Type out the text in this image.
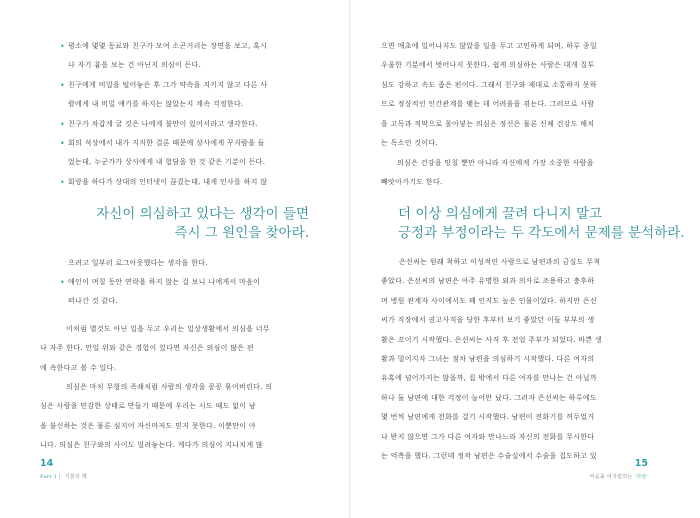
• 평소에 몇몇 동료와 친구가 모여 소곤거리는 장면을 보고, 혹시
나 자기 흉을 보는 건 아닌지 의심이 든다.
• 친구에게 비밀을 털어놓은 후 그가 약속을 지키지 않고 다른 사
람에게 내 비밀 얘기를 하지는 않았는지 계속 걱정한다.
• 친구가 차갑게 굴 것은 나에게 불만이 있어서라고 생각한다.
• 회의 석상에서 내가 지지한 결론 때문에 상사에게 꾸지람을 들
었는데, 누군가가 상사에게 내 험담을 한 것 같은 기분이 든다.
• 회랑을 하다가 상대의 인터넷이 끊겼는데, 내게 인사를 하지 않
자신이 의심하고 있다는 생각이 들면
즉시 그 원인을 찾아라.

으려고 일부러 로그아웃했다는 생각을 한다.

• 애인이 며칠 동안 연락을 하지 않는 걸 보니 나에게서 마음이
떠나간 것 같다.

이처럼 별것도 아닌 일을 두고 우리는 일상생활에서 의심을 너무
나 자주 한다. 만일 위와 같은 경험이 있다면 자신은 의심이 많은 편
에 속한다고 볼 수 있다.

의심은 마치 무형의 족쇄처럼 사람의 생각을 꽁꽁 묶어버린다. 의
심은 사람을 민감한 상태로 만들기 때문에 우리는 시도 때도 없이 남
을 불신하는 것은 물론 심지어 자신마저도 믿지 못한다. 이뿐만이 아
니다. 의심은 친구와의 사이도 멀려놓는다. 게다가 의심이 지나치게 많

14
Part 1 |  기분의 벽

으면 애초에 일어나지도 않았을 일을 두고 고민하게 되며, 하루 종일
우울한 기분에서 벗어나지 못한다. 쉽게 의심하는 사람은 대개 질투
심도 강하고 속도 좁은 편이다. 그래서 친구와 제대로 소통하지 못하
므로 정상적인 인간관계를 맺는 데 어려움을 겪는다. 그러므로 사람
을 고독과 적막으로 몰아넣는 의심은 정신은 물론 신체 건강도 해치
는 독소인 것이다.

의심은 건강을 망칠 뿐만 아니라 자신에게 가장 소중한 사람을
빼앗아가기도 한다.

더 이상 의심에게 끌려 다니지 말고
긍정과 부정이라는 두 각도에서 문제를 분석하라.

은선씨는 원래 착하고 이성적인 사람으로 남편과의 금실도 무척
좋았다. 은선씨의 남편은 아주 유명한 외과 의사로 조용하고 충후하
며 병원 관계자 사이에서도 꽤 인지도 높은 인물이었다. 하지만 은선
씨가 직장에서 권고사직을 당한 후부터 보기 좋았던 이들 부부의 생
활은 꼬이기 시작했다. 은선씨는 사직 후 전업 주부가 되었다. 바쁜 생
활과 멀어지자 그녀는 점차 남편을 의심하기 시작했다. 다른 여자의
유혹에 넘어가지는 않을까, 집 밖에서 다른 여자를 만나는 건 아닐까
하나 둘 남편에 대한 걱정이 늘어만 났다. 그러자 은선씨는 하루에도
몇 번씩 남편에게 전화를 걸기 시작했다. 남편이 전화기를 꺼두었거
나 받지 않으면 그가 다른 여자와 만나느라 자신의 전화를 무시한다
는 억측을 했다. 그런데 정작 남편은 수술실에서 수술을 집도하고 있

15
마음을 어지럽히는 '의심'
